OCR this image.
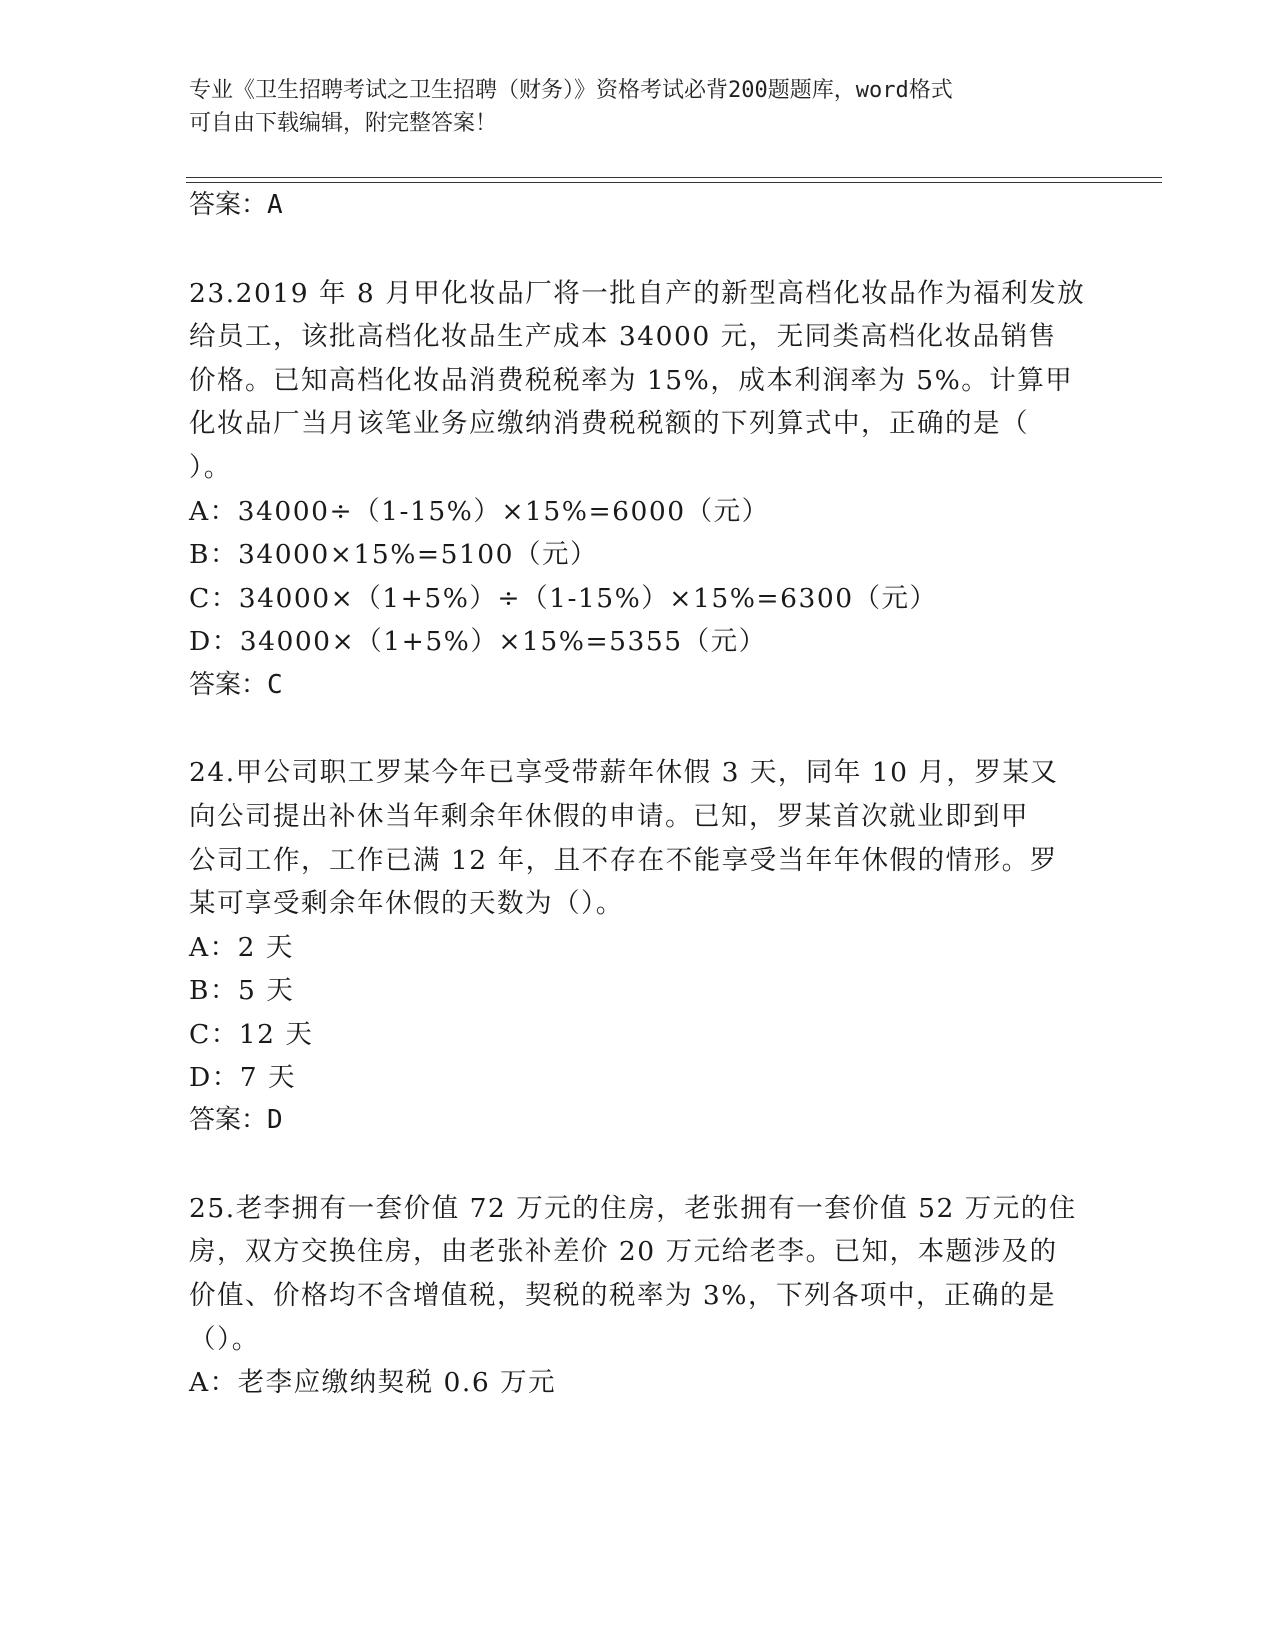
专业《卫生招聘考试之卫生招聘（财务）》资格考试必背200题题库，word格式
可自由下载编辑，附完整答案！
答案：A
23.2019 年 8 月甲化妆品厂将一批自产的新型高档化妆品作为福利发放
给员工，该批高档化妆品生产成本 34000 元，无同类高档化妆品销售
价格。已知高档化妆品消费税税率为 15%，成本利润率为 5%。计算甲
化妆品厂当月该笔业务应缴纳消费税税额的下列算式中，正确的是（
）。
A：34000÷（1-15%）×15%=6000（元）
B：34000×15%=5100（元）
C：34000×（1+5%）÷（1-15%）×15%=6300（元）
D：34000×（1+5%）×15%=5355（元）
答案：C
24.甲公司职工罗某今年已享受带薪年休假 3 天，同年 10 月，罗某又
向公司提出补休当年剩余年休假的申请。已知，罗某首次就业即到甲
公司工作，工作已满 12 年，且不存在不能享受当年年休假的情形。罗
某可享受剩余年休假的天数为（）。
A：2 天
B：5 天
C：12 天
D：7 天
答案：D
25.老李拥有一套价值 72 万元的住房，老张拥有一套价值 52 万元的住
房，双方交换住房，由老张补差价 20 万元给老李。已知，本题涉及的
价值、价格均不含增值税，契税的税率为 3%，下列各项中，正确的是
（）。
A：老李应缴纳契税 0.6 万元
